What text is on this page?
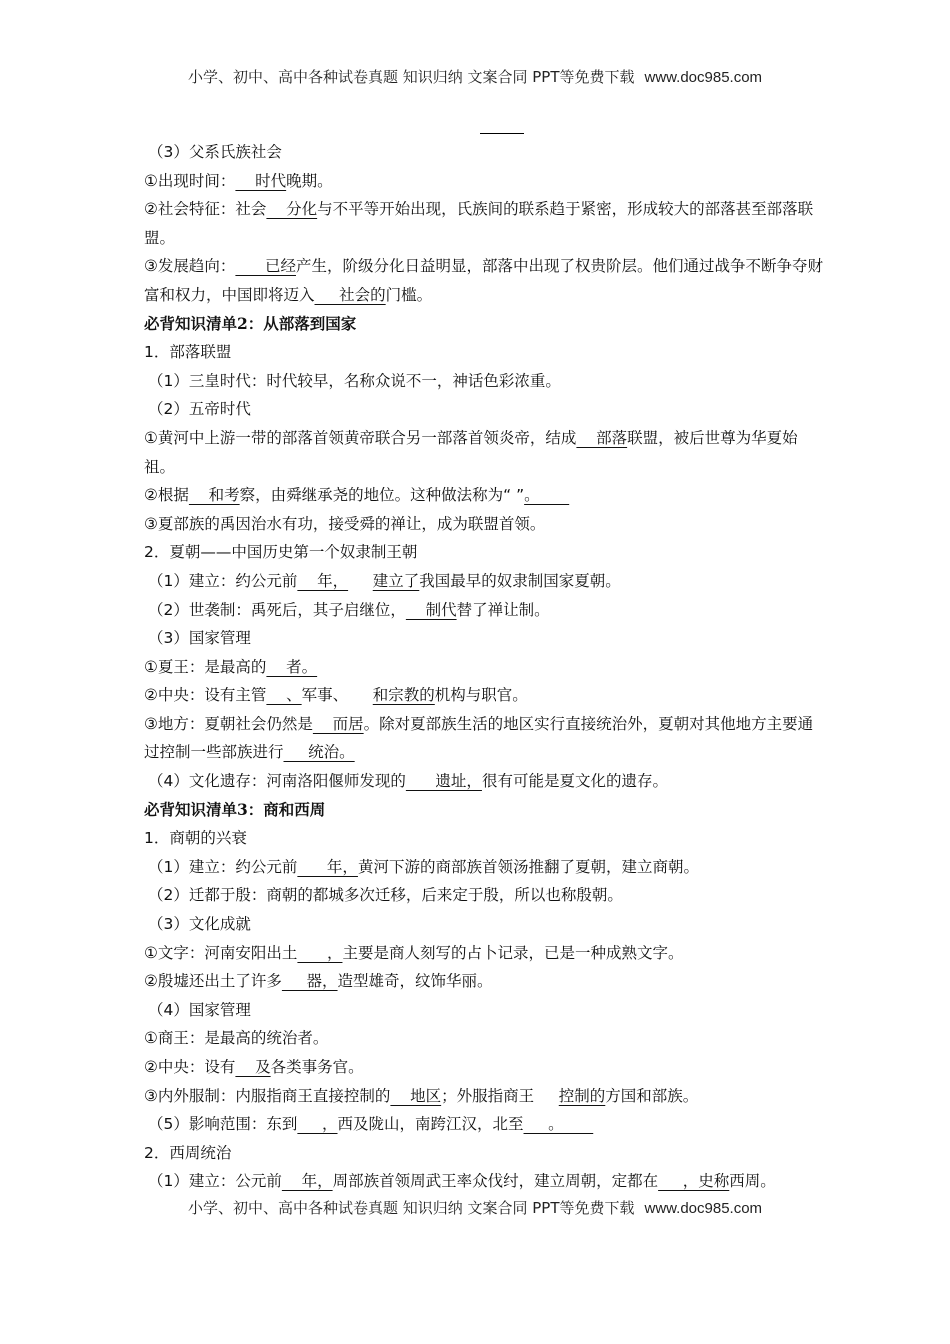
小学、初中、高中各种试卷真题 知识归纳 文案合同 PPT等免费下载 www.doc985.com
（3）父系氏族社会
①出现时间：    时代晚期。
②社会特征：社会    分化与不平等开始出现，氏族间的联系趋于紧密，形成较大的部落甚至部落联盟。
③发展趋向：      已经产生，阶级分化日益明显，部落中出现了权贵阶层。他们通过战争不断争夺财富和权力，中国即将迈入     社会的门槛。
必背知识清单2：从部落到国家
1．部落联盟
（1）三皇时代：时代较早，名称众说不一，神话色彩浓重。
（2）五帝时代
①黄河中上游一带的部落首领黄帝联合另一部落首领炎帝，结成    部落联盟，被后世尊为华夏始祖。
②根据    和考察，由舜继承尧的地位。这种做法称为“ ”。
③夏部族的禹因治水有功，接受舜的禅让，成为联盟首领。
2．夏朝——中国历史第一个奴隶制王朝
（1）建立：约公元前    年， 建立了我国最早的奴隶制国家夏朝。
（2）世袭制：禹死后，其子启继位，    制代替了禅让制。
（3）国家管理
①夏王：是最高的    者。
②中央：设有主管    、军事、     和宗教的机构与职官。
③地方：夏朝社会仍然是    而居。除对夏部族生活的地区实行直接统治外，夏朝对其他地方主要通过控制一些部族进行     统治。
（4）文化遗存：河南洛阳偃师发现的      遗址，很有可能是夏文化的遗存。
必背知识清单3：商和西周
1．商朝的兴衰
（1）建立：约公元前      年，黄河下游的商部族首领汤推翻了夏朝，建立商朝。
（2）迁都于殷：商朝的都城多次迁移，后来定于殷，所以也称殷朝。
（3）文化成就
①文字：河南安阳出土      ，主要是商人刻写的占卜记录，已是一种成熟文字。
②殷墟还出土了许多     器，造型雄奇，纹饰华丽。
（4）国家管理
①商王：是最高的统治者。
②中央：设有    及各类事务官。
③内外服制：内服指商王直接控制的    地区；外服指商王     控制的方国和部族。
（5）影响范围：东到     ，西及陇山，南跨江汉，北至     。
2．西周统治
（1）建立：公元前    年，周部族首领周武王率众伐纣，建立周朝，定都在     ，史称西周。
小学、初中、高中各种试卷真题 知识归纳 文案合同 PPT等免费下载 www.doc985.com
